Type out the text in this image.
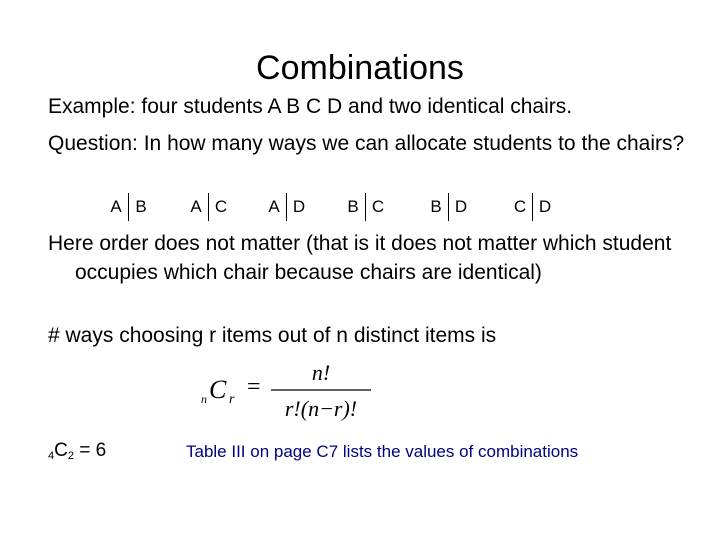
Combinations
Example: four students A B C D and two identical chairs.
Question: In how many ways we can allocate students to the chairs?
A B	A C	A D	B C	B D	C D
Here order does not matter (that is it does not matter which student occupies which chair because chairs are identical)
# ways choosing r items out of n distinct items is
n C r =
n!
r!(n−r)!
$_4C_2 = 6$	Table III on page C7 lists the values of combinations
